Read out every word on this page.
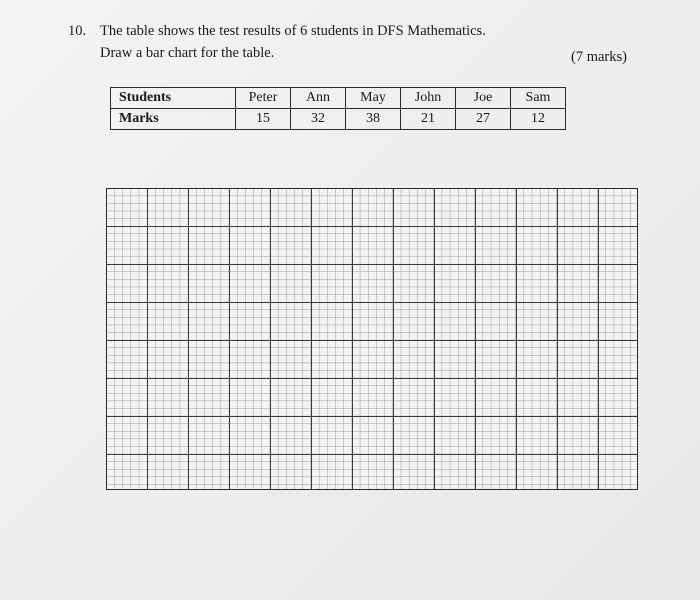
10. The table shows the test results of 6 students in DFS Mathematics.
Draw a bar chart for the table.	(7 marks)
Students	Peter	Ann	May	John	Joe	Sam
Marks	15	32	38	21	27	12
